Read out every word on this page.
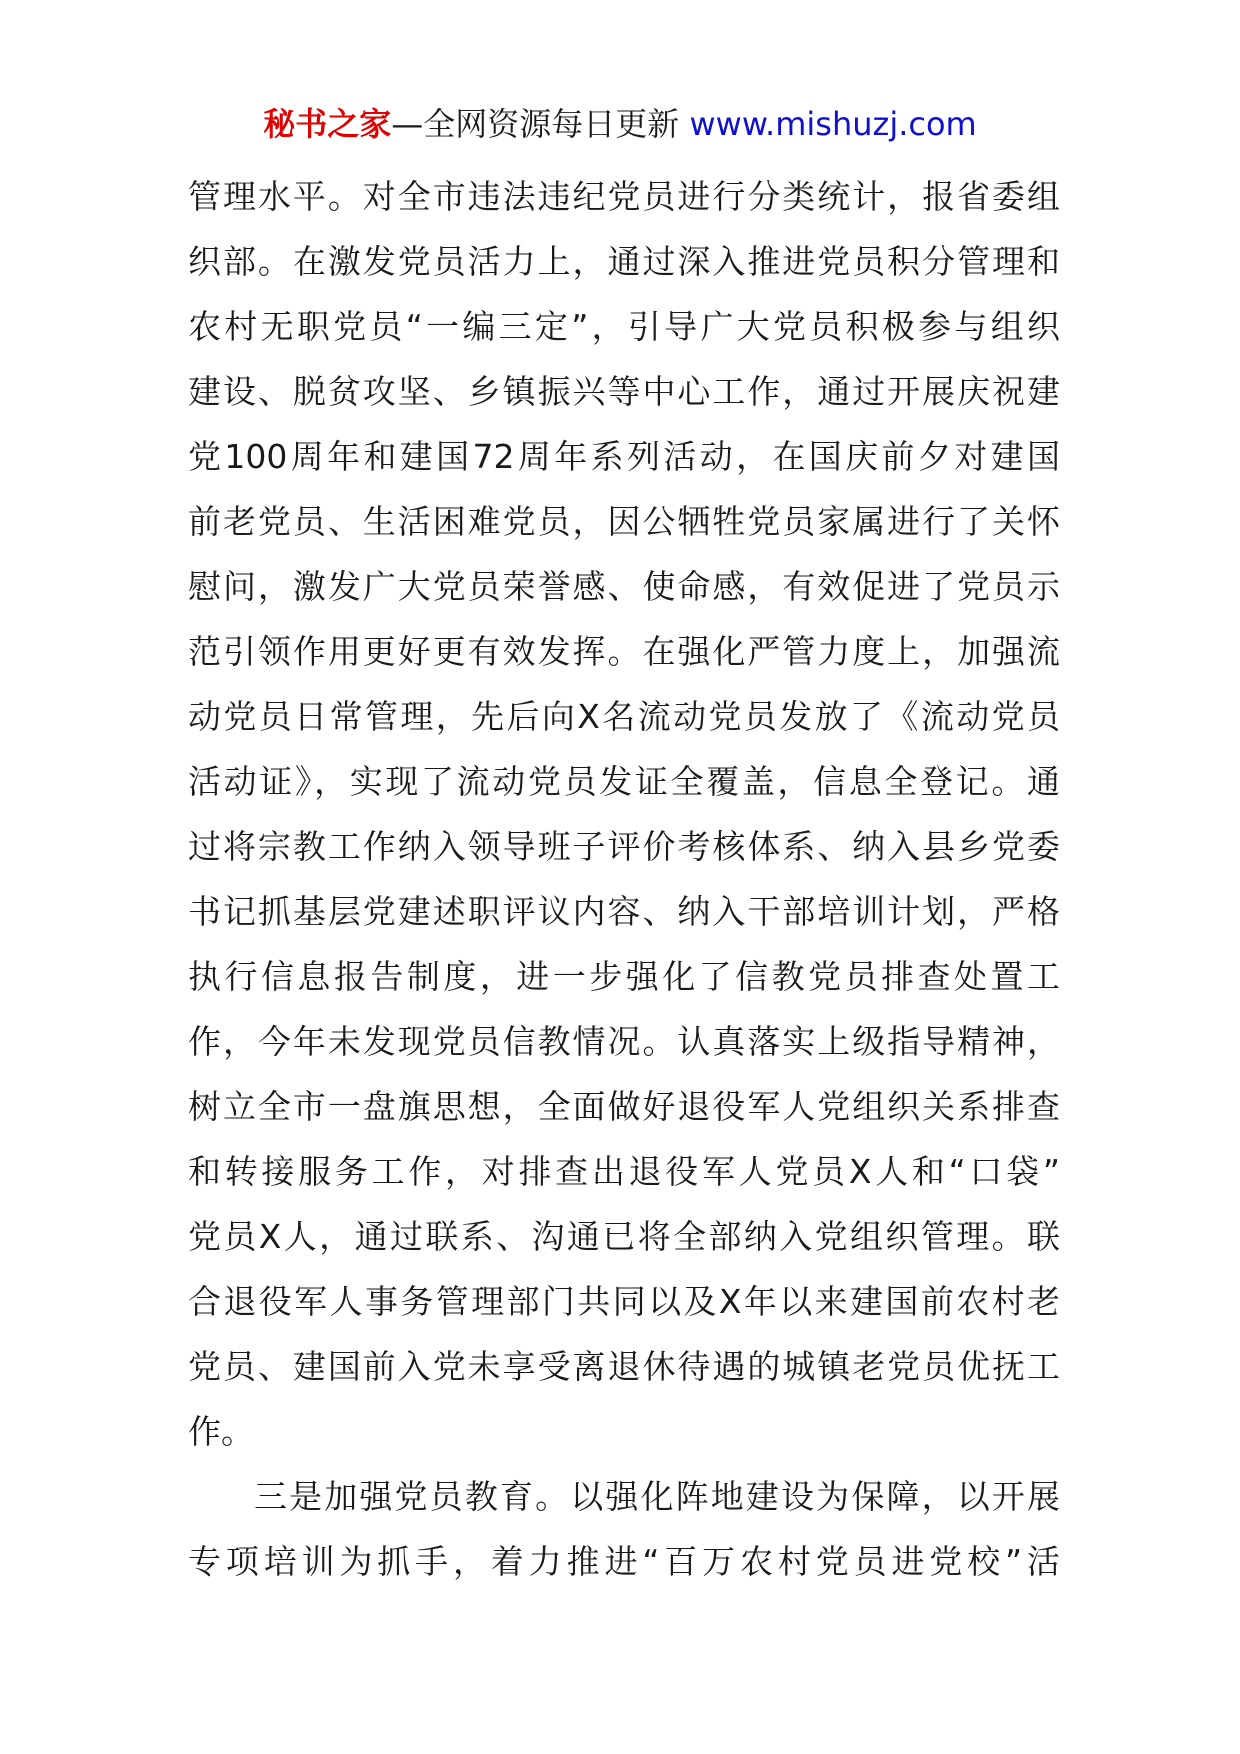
秘书之家—全网资源每日更新 www.mishuzj.com

管理水平。对全市违法违纪党员进行分类统计，报省委组
织部。在激发党员活力上，通过深入推进党员积分管理和
农村无职党员“一编三定”，引导广大党员积极参与组织
建设、脱贫攻坚、乡镇振兴等中心工作，通过开展庆祝建
党100周年和建国72周年系列活动，在国庆前夕对建国
前老党员、生活困难党员，因公牺牲党员家属进行了关怀
慰问，激发广大党员荣誉感、使命感，有效促进了党员示
范引领作用更好更有效发挥。在强化严管力度上，加强流
动党员日常管理，先后向X名流动党员发放了《流动党员
活动证》，实现了流动党员发证全覆盖，信息全登记。通
过将宗教工作纳入领导班子评价考核体系、纳入县乡党委
书记抓基层党建述职评议内容、纳入干部培训计划，严格
执行信息报告制度，进一步强化了信教党员排查处置工
作，今年未发现党员信教情况。认真落实上级指导精神，
树立全市一盘旗思想，全面做好退役军人党组织关系排查
和转接服务工作，对排查出退役军人党员X人和“口袋”
党员X人，通过联系、沟通已将全部纳入党组织管理。联
合退役军人事务管理部门共同以及X年以来建国前农村老
党员、建国前入党未享受离退休待遇的城镇老党员优抚工
作。

三是加强党员教育。以强化阵地建设为保障，以开展
专项培训为抓手，着力推进“百万农村党员进党校”活
